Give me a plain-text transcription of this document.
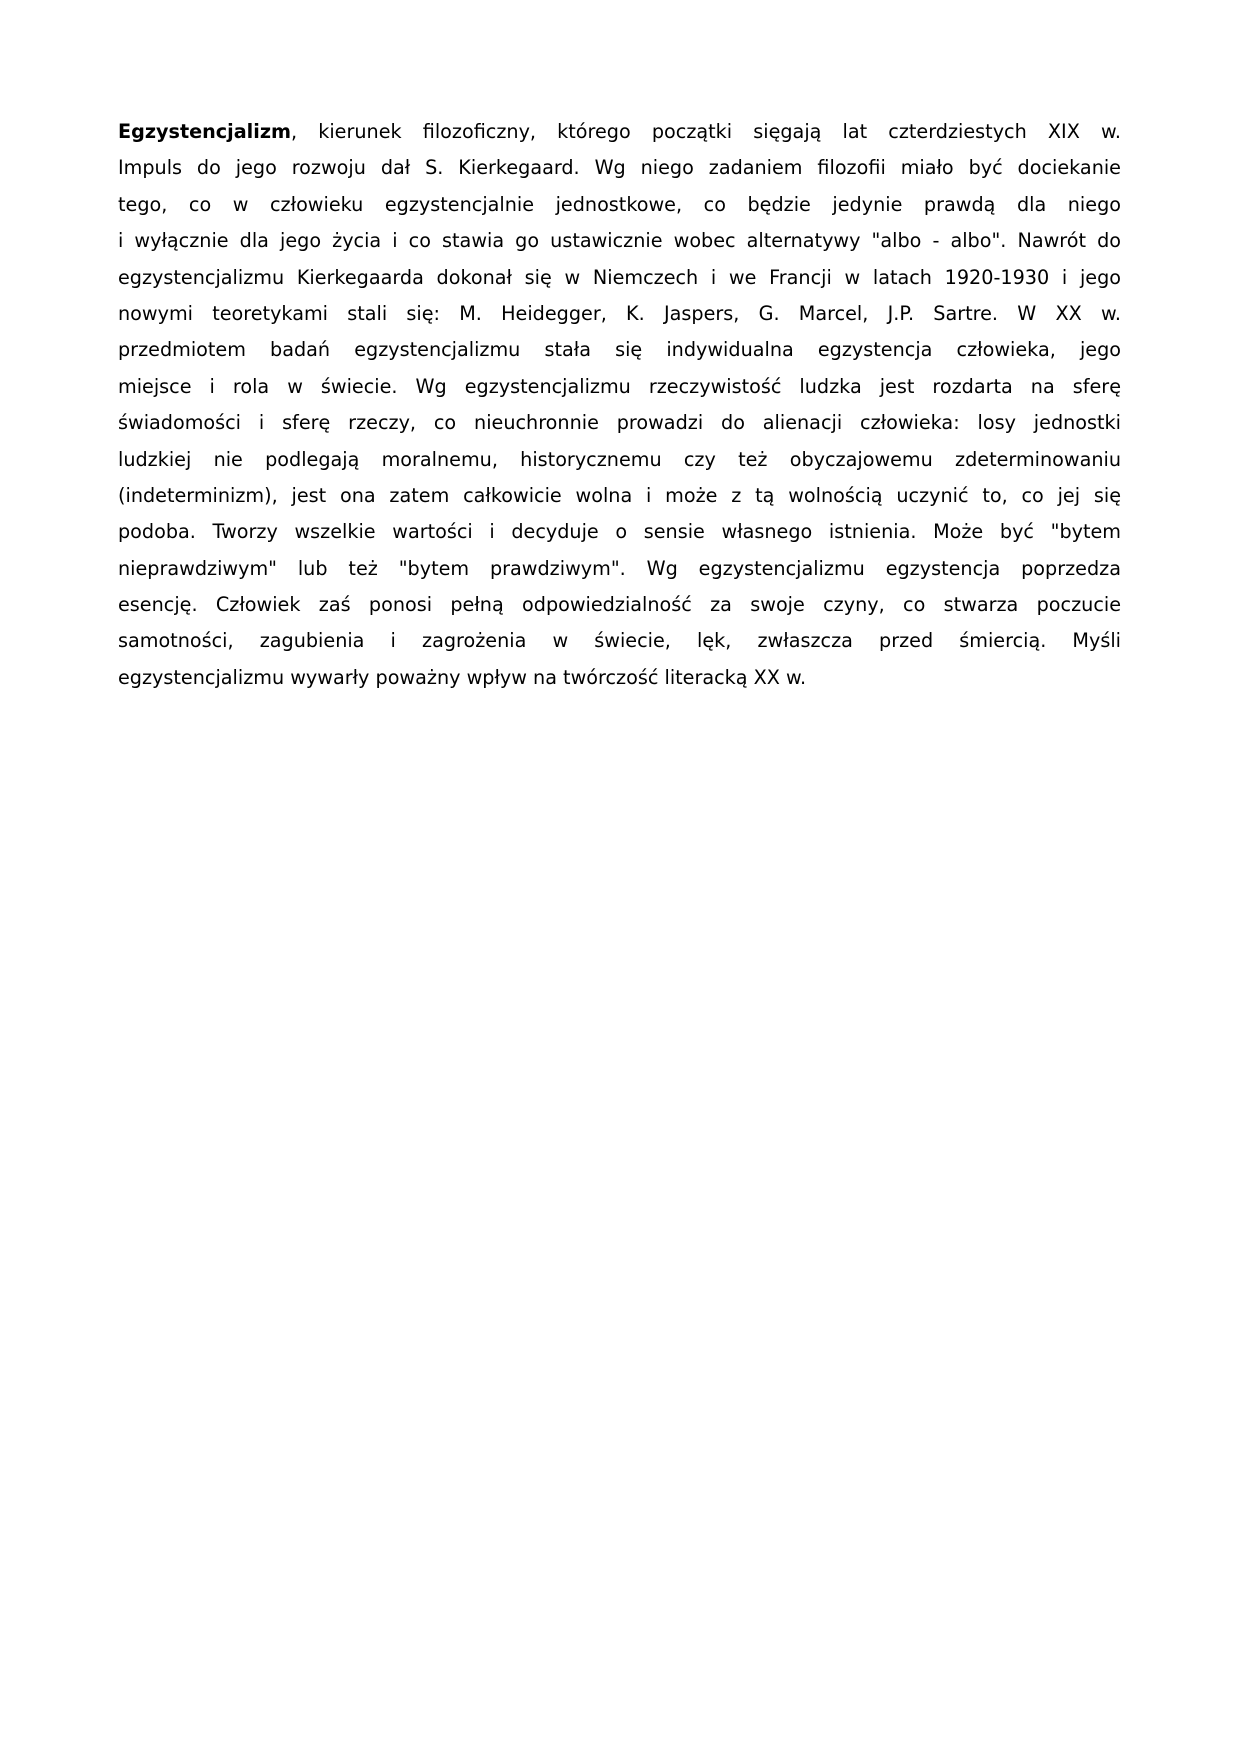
Egzystencjalizm, kierunek filozoficzny, którego początki sięgają lat czterdziestych XIX w.
Impuls do jego rozwoju dał S. Kierkegaard. Wg niego zadaniem filozofii miało być dociekanie
tego, co w człowieku egzystencjalnie jednostkowe, co będzie jedynie prawdą dla niego
i wyłącznie dla jego życia i co stawia go ustawicznie wobec alternatywy "albo - albo". Nawrót do
egzystencjalizmu Kierkegaarda dokonał się w Niemczech i we Francji w latach 1920-1930 i jego
nowymi teoretykami stali się: M. Heidegger, K. Jaspers, G. Marcel, J.P. Sartre. W XX w.
przedmiotem badań egzystencjalizmu stała się indywidualna egzystencja człowieka, jego
miejsce i rola w świecie. Wg egzystencjalizmu rzeczywistość ludzka jest rozdarta na sferę
świadomości i sferę rzeczy, co nieuchronnie prowadzi do alienacji człowieka: losy jednostki
ludzkiej nie podlegają moralnemu, historycznemu czy też obyczajowemu zdeterminowaniu
(indeterminizm), jest ona zatem całkowicie wolna i może z tą wolnością uczynić to, co jej się
podoba. Tworzy wszelkie wartości i decyduje o sensie własnego istnienia. Może być "bytem
nieprawdziwym" lub też "bytem prawdziwym". Wg egzystencjalizmu egzystencja poprzedza
esencję. Człowiek zaś ponosi pełną odpowiedzialność za swoje czyny, co stwarza poczucie
samotności, zagubienia i zagrożenia w świecie, lęk, zwłaszcza przed śmiercią. Myśli
egzystencjalizmu wywarły poważny wpływ na twórczość literacką XX w.
